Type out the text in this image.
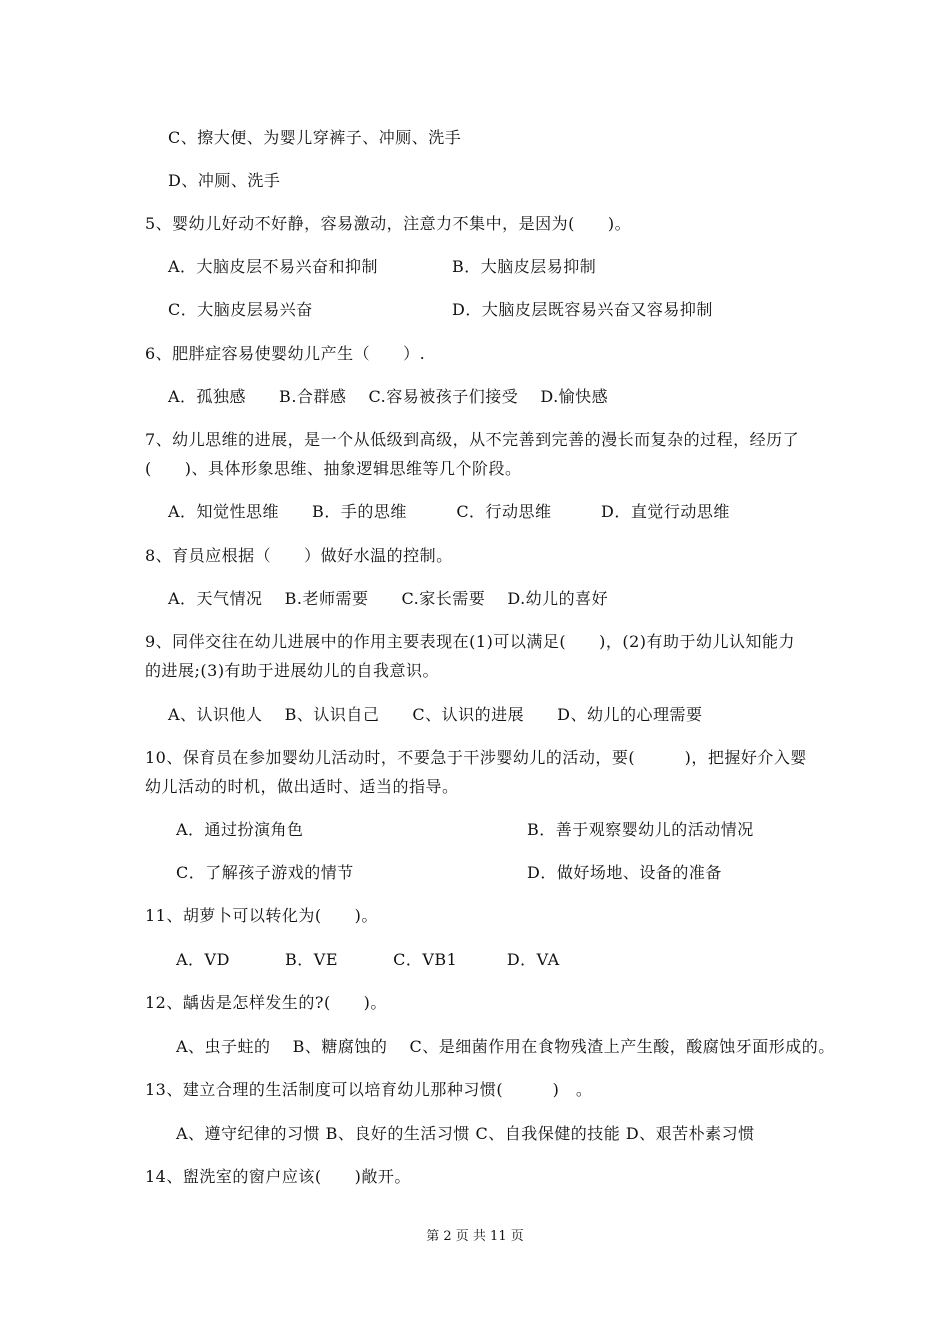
C、擦大便、为婴儿穿裤子、冲厕、洗手
D、冲厕、洗手
5、婴幼儿好动不好静，容易激动，注意力不集中，是因为(　　)。
A．大脑皮层不易兴奋和抑制	B．大脑皮层易抑制
C．大脑皮层易兴奋	D．大脑皮层既容易兴奋又容易抑制
6、肥胖症容易使婴幼儿产生（　　）.
A．孤独感　　B.合群感　 C.容易被孩子们接受　 D.愉快感
7、幼儿思维的进展，是一个从低级到高级，从不完善到完善的漫长而复杂的过程，经历了
(　　)、具体形象思维、抽象逻辑思维等几个阶段。
A．知觉性思维　　B．手的思维　　　C．行动思维　　　D．直觉行动思维
8、育员应根据（　　）做好水温的控制。
A．天气情况　 B.老师需要　　C.家长需要　 D.幼儿的喜好
9、同伴交往在幼儿进展中的作用主要表现在(1)可以满足(　　)，(2)有助于幼儿认知能力
的进展;(3)有助于进展幼儿的自我意识。
A、认识他人　 B、认识自己　　C、认识的进展　　D、幼儿的心理需要
10、保育员在参加婴幼儿活动时，不要急于干涉婴幼儿的活动，要(　　　)，把握好介入婴
幼儿活动的时机，做出适时、适当的指导。
A．通过扮演角色	B．善于观察婴幼儿的活动情况
C．了解孩子游戏的情节	D．做好场地、设备的准备
11、胡萝卜可以转化为(　　)。
A．VD　　　 B．VE　　　 C．VB1　　　D．VA
12、龋齿是怎样发生的?(　　)。
A、虫子蛀的　 B、糖腐蚀的　 C、是细菌作用在食物残渣上产生酸，酸腐蚀牙面形成的。
13、建立合理的生活制度可以培育幼儿那种习惯(　　　)　。
A、遵守纪律的习惯 B、良好的生活习惯 C、自我保健的技能 D、艰苦朴素习惯
14、盥洗室的窗户应该(　　)敞开。
第 2 页 共 11 页
